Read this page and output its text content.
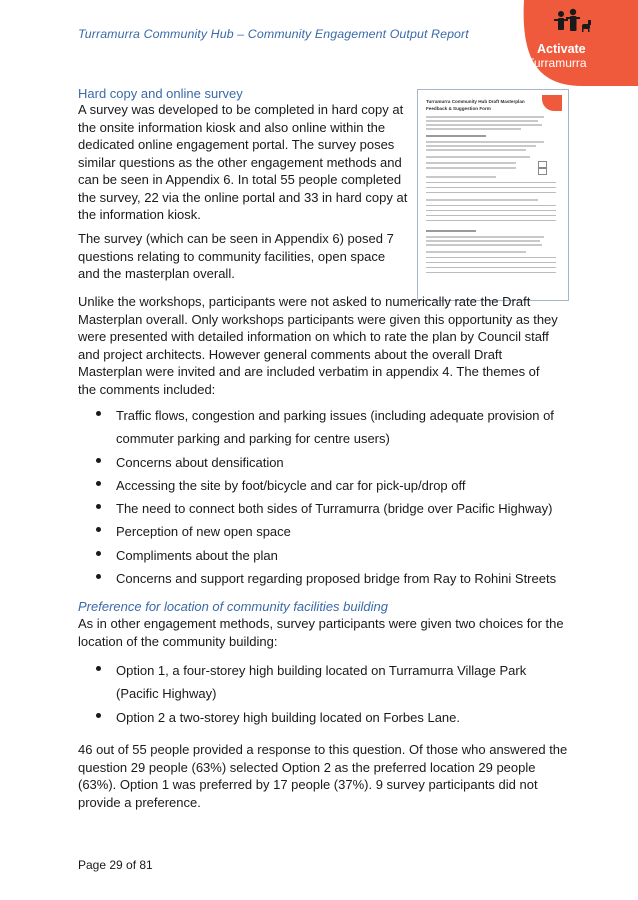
Turramurra Community Hub – Community Engagement Output Report
Activate
Turramurra
Hard copy and online survey
A survey was developed to be completed in hard copy at the onsite information kiosk and also online within the dedicated online engagement portal. The survey poses similar questions as the other engagement methods and can be seen in Appendix 6. In total 55 people completed the survey, 22 via the online portal and 33 in hard copy at the information kiosk.
The survey (which can be seen in Appendix 6) posed 7 questions relating to community facilities, open space and the masterplan overall.
Turramurra Community Hub Draft Masterplan
Feedback & Suggestion Form
Unlike the workshops, participants were not asked to numerically rate the Draft Masterplan overall. Only workshops participants were given this opportunity as they were presented with detailed information on which to rate the plan by Council staff and project architects. However general comments about the overall Draft Masterplan were invited and are included verbatim in appendix 4. The themes of the comments included:
Traffic flows, congestion and parking issues (including adequate provision of commuter parking and parking for centre users)
Concerns about densification
Accessing the site by foot/bicycle and car for pick-up/drop off
The need to connect both sides of Turramurra (bridge over Pacific Highway)
Perception of new open space
Compliments about the plan
Concerns and support regarding proposed bridge from Ray to Rohini Streets
Preference for location of community facilities building
As in other engagement methods, survey participants were given two choices for the location of the community building:
Option 1, a four-storey high building located on Turramurra Village Park (Pacific Highway)
Option 2 a two-storey high building located on Forbes Lane.
46 out of 55 people provided a response to this question. Of those who answered the question 29 people (63%) selected Option 2 as the preferred location 29 people (63%). Option 1 was preferred by 17 people (37%). 9 survey participants did not provide a preference.
Page 29 of 81
